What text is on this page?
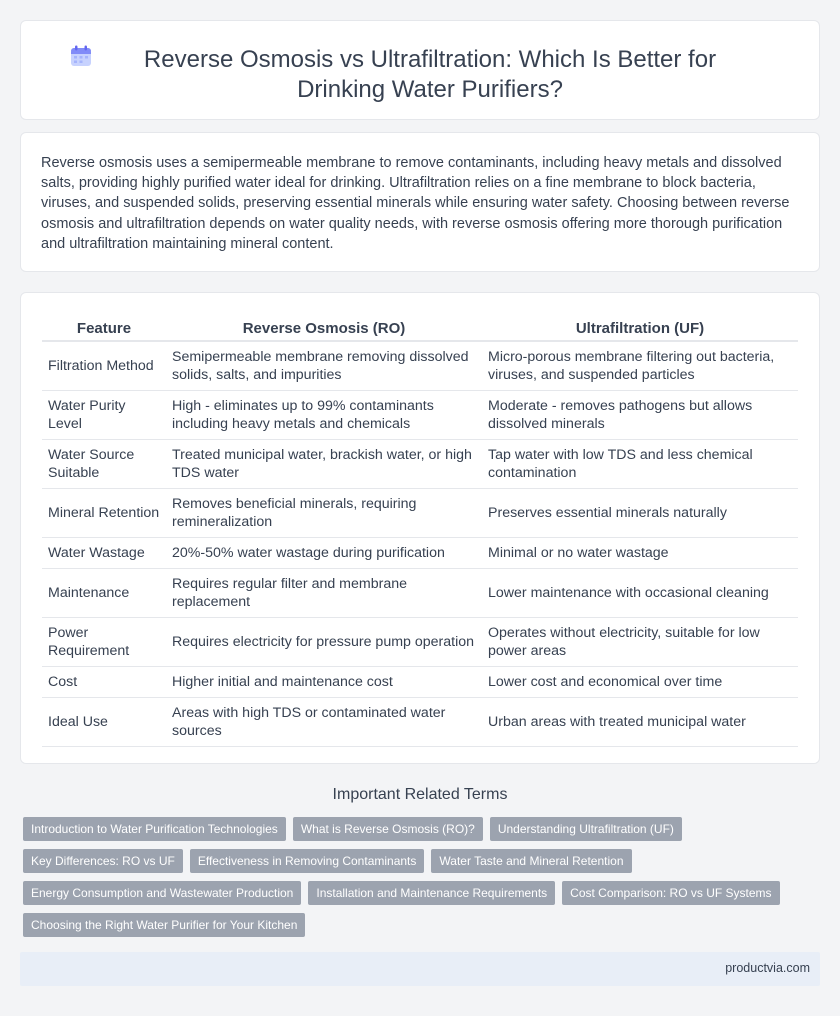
Reverse Osmosis vs Ultrafiltration: Which Is Better for Drinking Water Purifiers?

Reverse osmosis uses a semipermeable membrane to remove contaminants, including heavy metals and dissolved salts, providing highly purified water ideal for drinking. Ultrafiltration relies on a fine membrane to block bacteria, viruses, and suspended solids, preserving essential minerals while ensuring water safety. Choosing between reverse osmosis and ultrafiltration depends on water quality needs, with reverse osmosis offering more thorough purification and ultrafiltration maintaining mineral content.

Feature	Reverse Osmosis (RO)	Ultrafiltration (UF)
Filtration Method	Semipermeable membrane removing dissolved solids, salts, and impurities	Micro-porous membrane filtering out bacteria, viruses, and suspended particles
Water Purity Level	High - eliminates up to 99% contaminants including heavy metals and chemicals	Moderate - removes pathogens but allows dissolved minerals
Water Source Suitable	Treated municipal water, brackish water, or high TDS water	Tap water with low TDS and less chemical contamination
Mineral Retention	Removes beneficial minerals, requiring remineralization	Preserves essential minerals naturally
Water Wastage	20%-50% water wastage during purification	Minimal or no water wastage
Maintenance	Requires regular filter and membrane replacement	Lower maintenance with occasional cleaning
Power Requirement	Requires electricity for pressure pump operation	Operates without electricity, suitable for low power areas
Cost	Higher initial and maintenance cost	Lower cost and economical over time
Ideal Use	Areas with high TDS or contaminated water sources	Urban areas with treated municipal water
Important Related Terms
Introduction to Water Purification Technologies	What is Reverse Osmosis (RO)?	Understanding Ultrafiltration (UF)
Key Differences: RO vs UF	Effectiveness in Removing Contaminants	Water Taste and Mineral Retention
Energy Consumption and Wastewater Production	Installation and Maintenance Requirements	Cost Comparison: RO vs UF Systems
Choosing the Right Water Purifier for Your Kitchen
productvia.com
